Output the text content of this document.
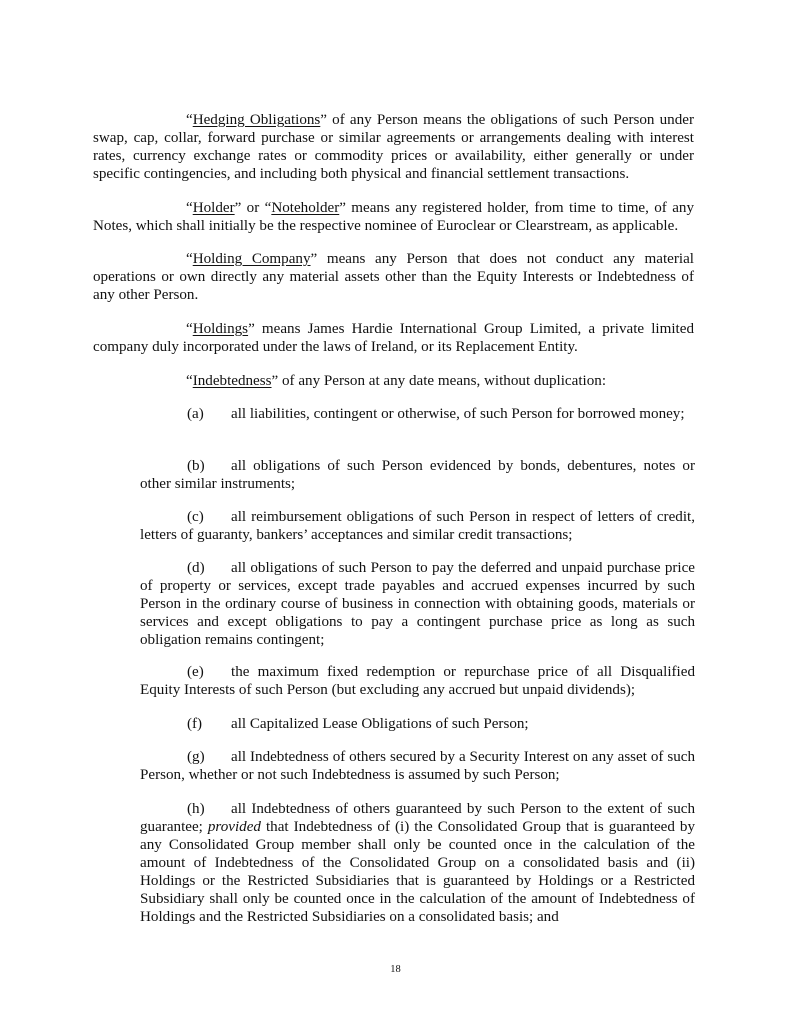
“Hedging Obligations” of any Person means the obligations of such Person under swap, cap, collar, forward purchase or similar agreements or arrangements dealing with interest rates, currency exchange rates or commodity prices or availability, either generally or under specific contingencies, and including both physical and financial settlement transactions.

“Holder” or “Noteholder” means any registered holder, from time to time, of any Notes, which shall initially be the respective nominee of Euroclear or Clearstream, as applicable.

“Holding Company” means any Person that does not conduct any material operations or own directly any material assets other than the Equity Interests or Indebtedness of any other Person.

“Holdings” means James Hardie International Group Limited, a private limited company duly incorporated under the laws of Ireland, or its Replacement Entity.

“Indebtedness” of any Person at any date means, without duplication:

(a) all liabilities, contingent or otherwise, of such Person for borrowed money;

(b) all obligations of such Person evidenced by bonds, debentures, notes or other similar instruments;

(c) all reimbursement obligations of such Person in respect of letters of credit, letters of guaranty, bankers’ acceptances and similar credit transactions;

(d) all obligations of such Person to pay the deferred and unpaid purchase price of property or services, except trade payables and accrued expenses incurred by such Person in the ordinary course of business in connection with obtaining goods, materials or services and except obligations to pay a contingent purchase price as long as such obligation remains contingent;

(e) the maximum fixed redemption or repurchase price of all Disqualified Equity Interests of such Person (but excluding any accrued but unpaid dividends);

(f) all Capitalized Lease Obligations of such Person;

(g) all Indebtedness of others secured by a Security Interest on any asset of such Person, whether or not such Indebtedness is assumed by such Person;

(h) all Indebtedness of others guaranteed by such Person to the extent of such guarantee; provided that Indebtedness of (i) the Consolidated Group that is guaranteed by any Consolidated Group member shall only be counted once in the calculation of the amount of Indebtedness of the Consolidated Group on a consolidated basis and (ii) Holdings or the Restricted Subsidiaries that is guaranteed by Holdings or a Restricted Subsidiary shall only be counted once in the calculation of the amount of Indebtedness of Holdings and the Restricted Subsidiaries on a consolidated basis; and

18
